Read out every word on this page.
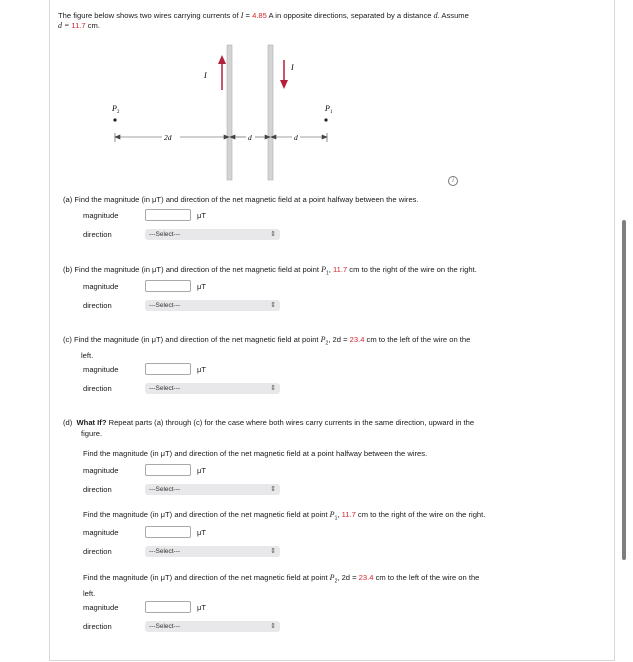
The figure below shows two wires carrying currents of I = 4.85 A in opposite directions, separated by a distance d. Assume
d = 11.7 cm.
I
I
P 2	P 1
2d	d	d
i
(a) Find the magnitude (in μT) and direction of the net magnetic field at a point halfway between the wires.
magnitude	μT
direction	---Select---	⇕
(b) Find the magnitude (in μT) and direction of the net magnetic field at point $P_1$, 11.7 cm to the right of the wire on the right.
magnitude	μT
direction	---Select---	⇕
(c) Find the magnitude (in μT) and direction of the net magnetic field at point $P_2$, 2d = 23.4 cm to the left of the wire on the
left.
magnitude	μT
direction	---Select---	⇕
(d) What If? Repeat parts (a) through (c) for the case where both wires carry currents in the same direction, upward in the
figure.
Find the magnitude (in μT) and direction of the net magnetic field at a point halfway between the wires.
magnitude	μT
direction	---Select---	⇕
Find the magnitude (in μT) and direction of the net magnetic field at point $P_1$, 11.7 cm to the right of the wire on the right.
magnitude	μT
direction	---Select---	⇕
Find the magnitude (in μT) and direction of the net magnetic field at point $P_2$, 2d = 23.4 cm to the left of the wire on the
left.
magnitude	μT
direction	---Select---	⇕
